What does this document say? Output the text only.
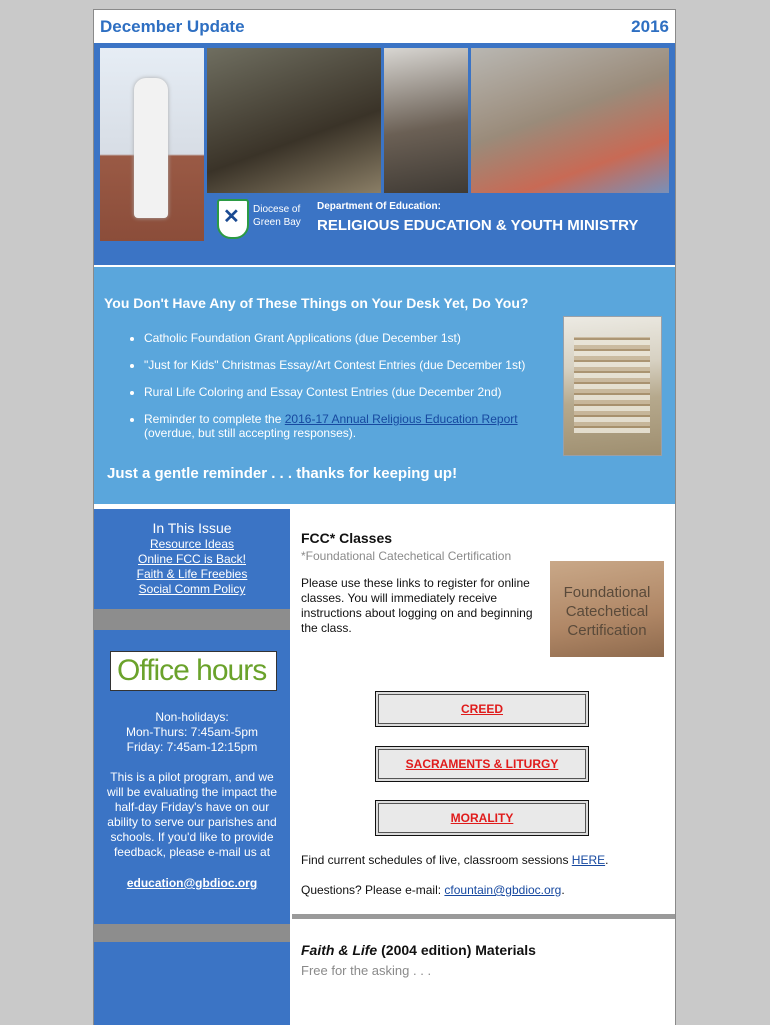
December Update	2016
✕ Diocese of
Green Bay
Department Of Education:
RELIGIOUS EDUCATION & YOUTH MINISTRY
You Don't Have Any of These Things on Your Desk Yet, Do You?
• Catholic Foundation Grant Applications (due December 1st)
• "Just for Kids" Christmas Essay/Art Contest Entries (due December 1st)
• Rural Life Coloring and Essay Contest Entries (due December 2nd)
• Reminder to complete the 2016-17 Annual Religious Education Report
(overdue, but still accepting responses).
Just a gentle reminder . . . thanks for keeping up!
In This Issue
Resource Ideas
Online FCC is Back!
Faith & Life Freebies
Social Comm Policy
Office hours
Non-holidays:
Mon-Thurs: 7:45am-5pm
Friday: 7:45am-12:15pm
This is a pilot program, and we will be evaluating the impact the half-day Friday's have on our ability to serve our parishes and schools. If you'd like to provide feedback, please e-mail us at
education@gbdioc.org
FCC* Classes
*Foundational Catechetical Certification
Please use these links to register for online classes. You will immediately receive instructions about logging on and beginning the class.
Foundational Catechetical Certification
CREED
SACRAMENTS & LITURGY
MORALITY
Find current schedules of live, classroom sessions HERE.
Questions? Please e-mail: cfountain@gbdioc.org.
Faith & Life (2004 edition) Materials
Free for the asking . . .
